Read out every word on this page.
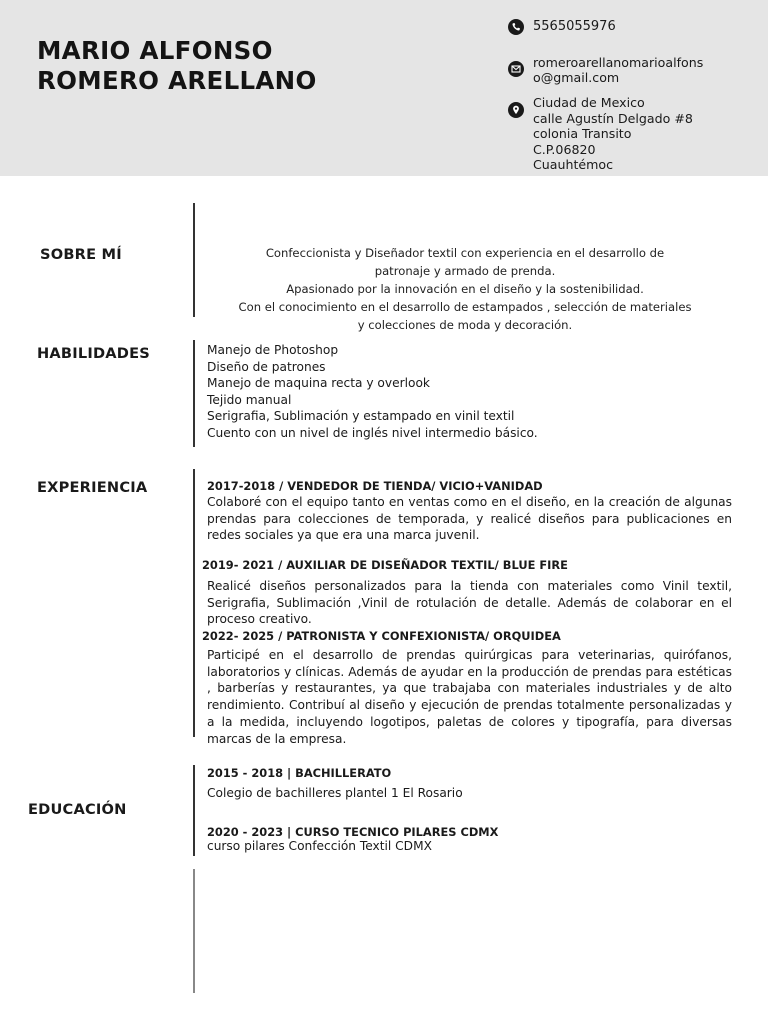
MARIO ALFONSO
ROMERO ARELLANO
5565055976
romeroarellanomarioalfons
o@gmail.com
Ciudad de Mexico
calle Agustín Delgado #8
colonia Transito
C.P.06820
Cuauhtémoc
SOBRE MÍ	Confeccionista y Diseñador textil con experiencia en el desarrollo de
patronaje y armado de prenda.
Apasionado por la innovación en el diseño y la sostenibilidad.
Con el conocimiento en el desarrollo de estampados , selección de materiales
y colecciones de moda y decoración.
HABILIDADES	Manejo de Photoshop
Diseño de patrones
Manejo de maquina recta y overlook
Tejido manual
Serigrafia, Sublimación y estampado en vinil textil
Cuento con un nivel de inglés nivel intermedio básico.
EXPERIENCIA	2017-2018 / VENDEDOR DE TIENDA/ VICIO+VANIDAD
Colaboré con el equipo tanto en ventas como en el diseño, en la creación de algunas prendas para colecciones de temporada, y realicé diseños para publicaciones en redes sociales ya que era una marca juvenil.
2019- 2021 / AUXILIAR DE DISEÑADOR TEXTIL/ BLUE FIRE
Realicé diseños personalizados para la tienda con materiales como Vinil textil, Serigrafia, Sublimación ,Vinil de rotulación de detalle. Además de colaborar en el proceso creativo.
2022- 2025 / PATRONISTA Y CONFEXIONISTA/ ORQUIDEA
Participé en el desarrollo de prendas quirúrgicas para veterinarias, quirófanos, laboratorios y clínicas. Además de ayudar en la producción de prendas para estéticas , barberías y restaurantes, ya que trabajaba con materiales industriales y de alto rendimiento. Contribuí al diseño y ejecución de prendas totalmente personalizadas y a la medida, incluyendo logotipos, paletas de colores y tipografía, para diversas marcas de la empresa.
EDUCACIÓN
2015 - 2018 | BACHILLERATO
Colegio de bachilleres plantel 1 El Rosario
2020 - 2023 | CURSO TECNICO PILARES CDMX
curso pilares Confección Textil CDMX
